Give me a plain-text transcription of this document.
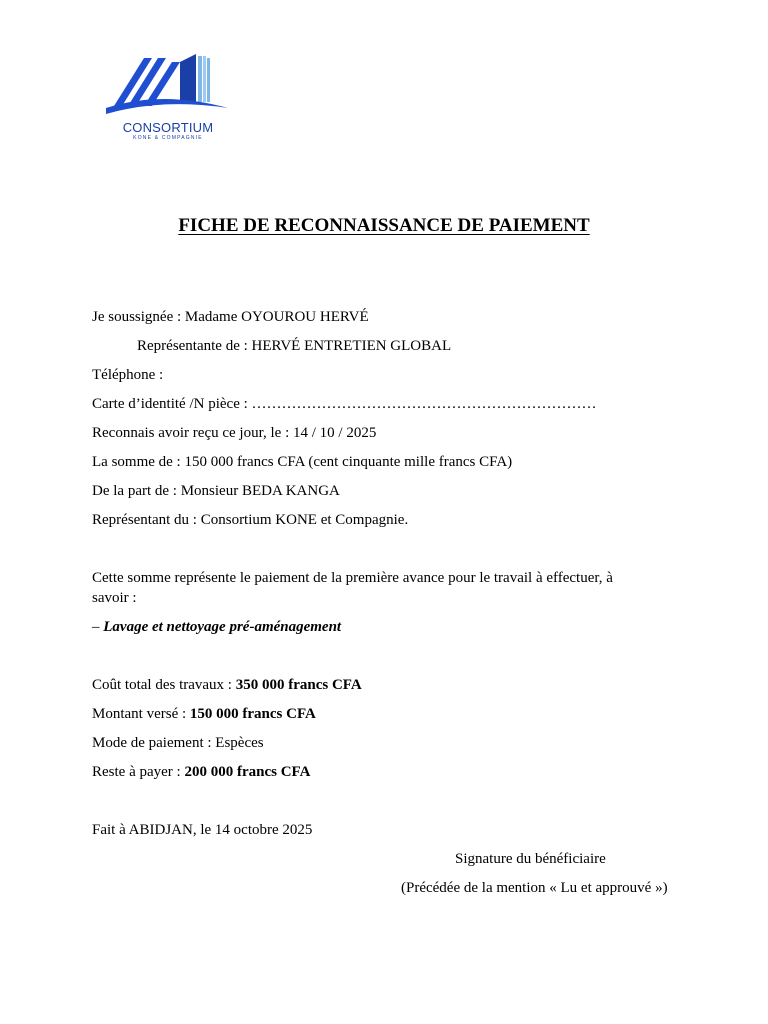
CONSORTIUM
KONE & COMPAGNIE
FICHE DE RECONNAISSANCE DE PAIEMENT
Je soussignée : Madame OYOUROU HERVÉ
Représentante de : HERVÉ ENTRETIEN GLOBAL
Téléphone :
Carte d’identité /N pièce : ……………………………………………………………
Reconnais avoir reçu ce jour, le : 14 / 10 / 2025
La somme de : 150 000 francs CFA (cent cinquante mille francs CFA)
De la part de : Monsieur BEDA KANGA
Représentant du : Consortium KONE et Compagnie.
Cette somme représente le paiement de la première avance pour le travail à effectuer, à savoir :
– Lavage et nettoyage pré-aménagement
Coût total des travaux : 350 000 francs CFA
Montant versé : 150 000 francs CFA
Mode de paiement : Espèces
Reste à payer : 200 000 francs CFA
Fait à ABIDJAN, le 14 octobre 2025
Signature du bénéficiaire
(Précédée de la mention « Lu et approuvé »)
